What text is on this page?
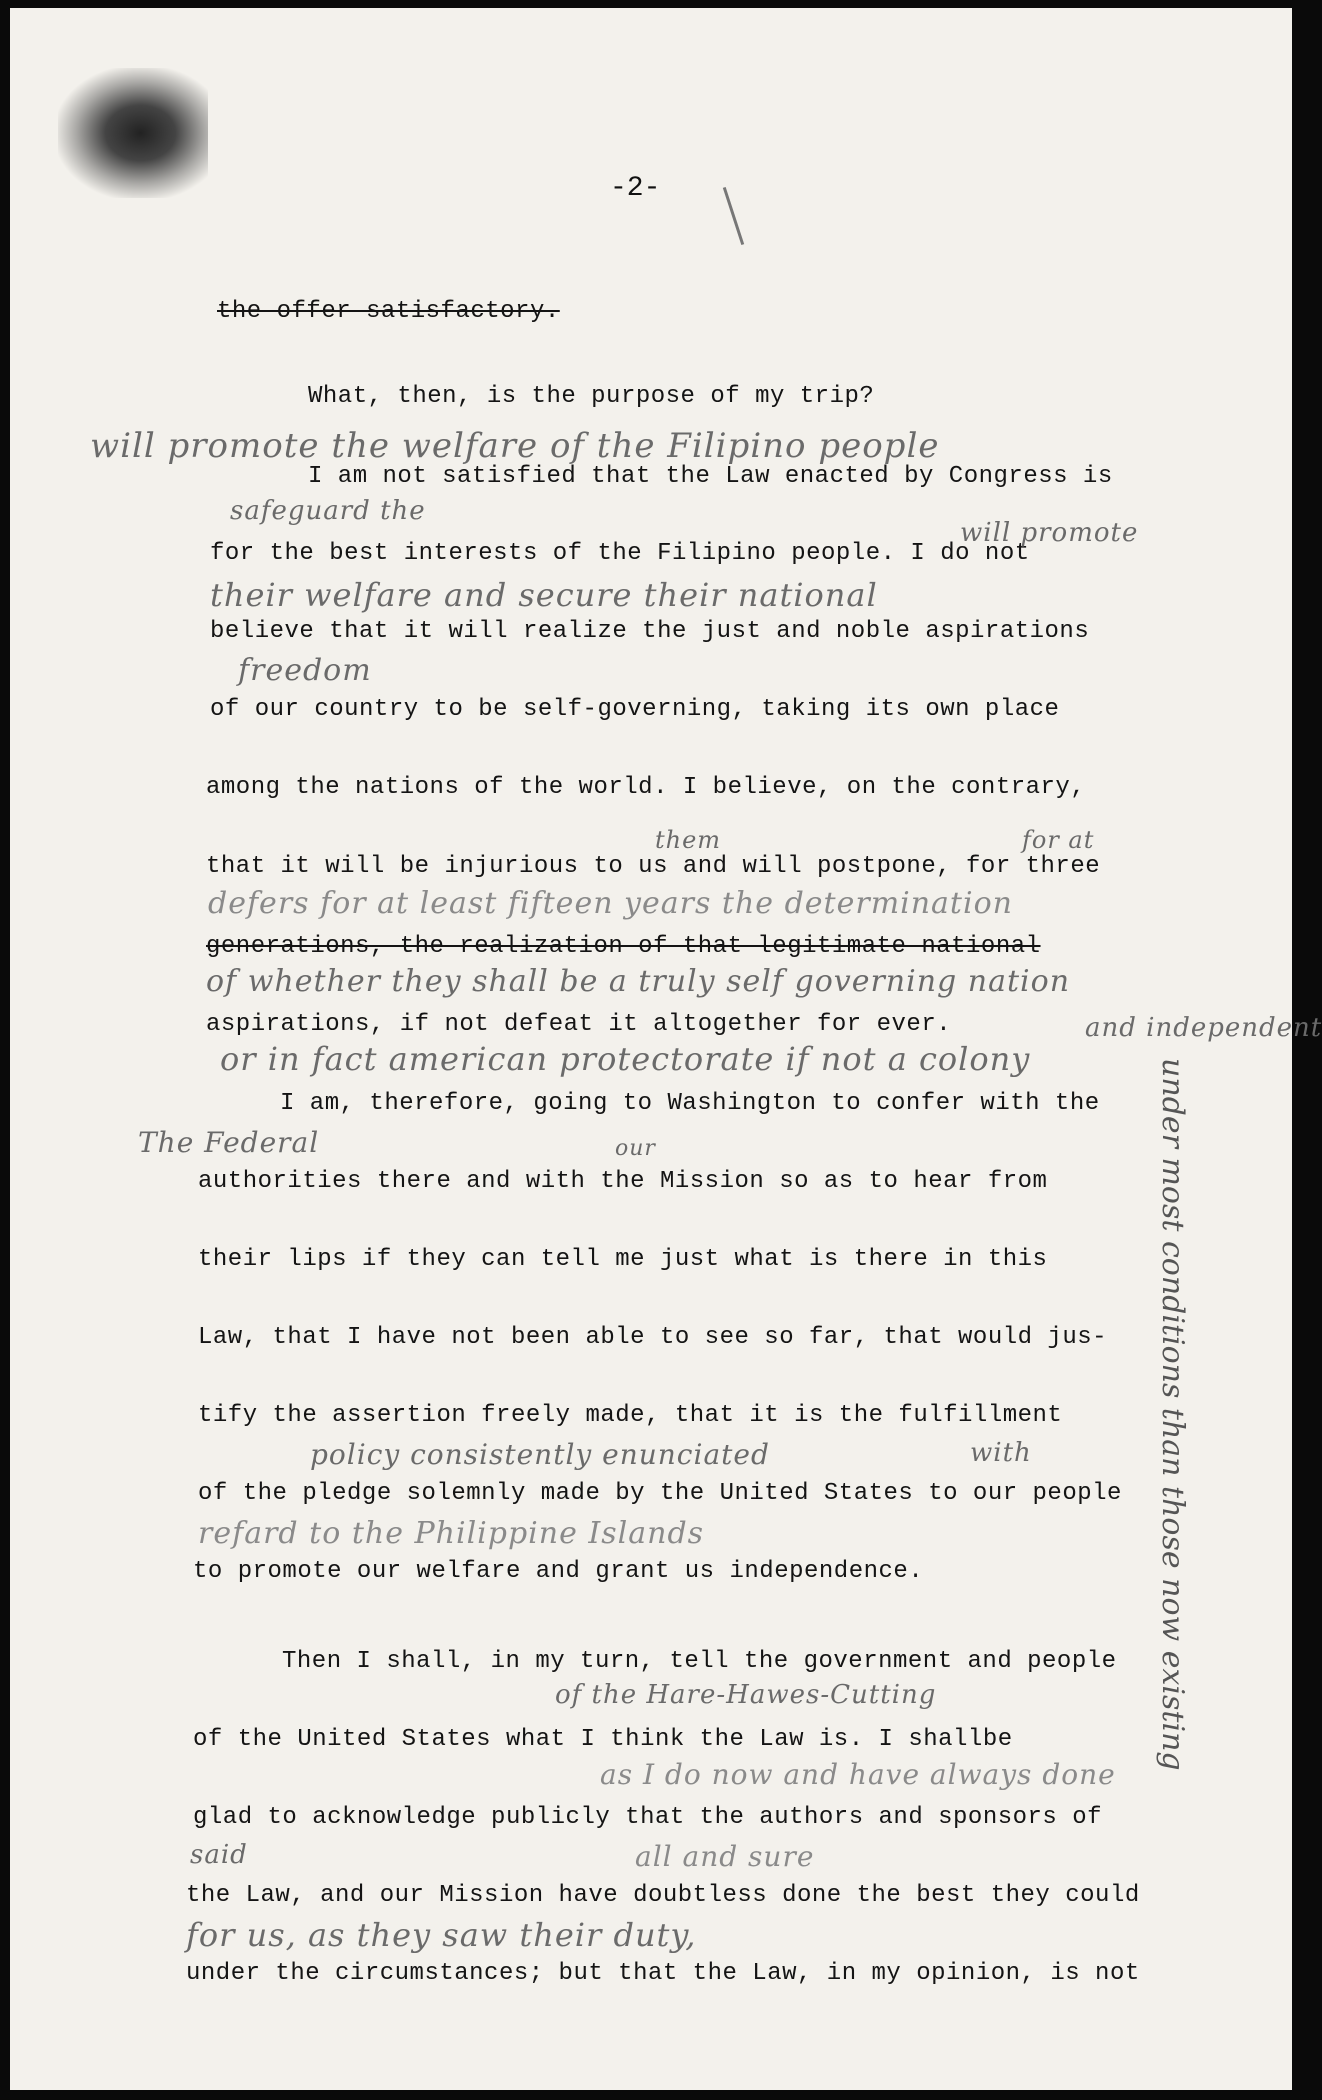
-2-
the offer satisfactory.
What, then, is the purpose of my trip?
I am not satisfied that the Law enacted by Congress is
for the best interests of the Filipino people. I do not
believe that it will realize the just and noble aspirations
of our country to be self-governing, taking its own place
among the nations of the world. I believe, on the contrary,
that it will be injurious to us and will postpone, for three
generations, the realization of that legitimate national
aspirations, if not defeat it altogether for ever.
I am, therefore, going to Washington to confer with the
authorities there and with the Mission so as to hear from
their lips if they can tell me just what is there in this
Law, that I have not been able to see so far, that would jus-
tify the assertion freely made, that it is the fulfillment
of the pledge solemnly made by the United States to our people
to promote our welfare and grant us independence.
Then I shall, in my turn, tell the government and people
of the United States what I think the Law is. I shallbe
glad to acknowledge publicly that the authors and sponsors of
the Law, and our Mission have doubtless done the best they could
under the circumstances; but that the Law, in my opinion, is not
will promote the welfare of the Filipino people
safeguard the
will promote
their welfare and secure their national
freedom
them	for at
defers for at least fifteen years the determination
of whether they shall be a truly self governing nation
and independent
or in fact american protectorate if not a colony
The Federal	our
policy consistently enunciated	with
refard to the Philippine Islands
of the Hare-Hawes-Cutting
as I do now and have always done
said	all and sure
for us, as they saw their duty,
under most conditions than those now existing
